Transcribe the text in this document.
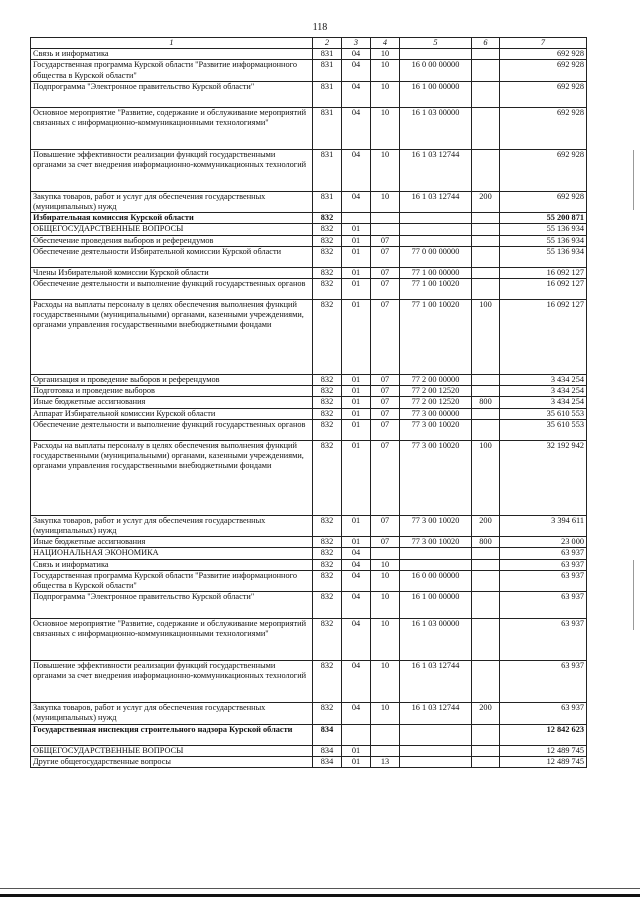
118
1	2	3	4	5	6	7
Связь и информатика	831	04	10			692 928
Государственная программа Курской области "Развитие информационного общества в Курской области"	831	04	10	16 0 00 00000		692 928
Подпрограмма "Электронное правительство Курской области"	831	04	10	16 1 00 00000		692 928
Основное мероприятие "Развитие, содержание и обслуживание мероприятий связанных с информационно-коммуникационными технологиями"	831	04	10	16 1 03 00000		692 928
Повышение эффективности реализации функций государственными органами за счет внедрения информационно-коммуникационных технологий	831	04	10	16 1 03 12744		692 928
Закупка товаров, работ и услуг для обеспечения государственных (муниципальных) нужд	831	04	10	16 1 03 12744	200	692 928
Избирательная комиссия Курской области	832					55 200 871
ОБЩЕГОСУДАРСТВЕННЫЕ ВОПРОСЫ	832	01				55 136 934
Обеспечение проведения выборов и референдумов	832	01	07			55 136 934
Обеспечение деятельности Избирательной комиссии Курской области	832	01	07	77 0 00 00000		55 136 934
Члены Избирательной комиссии Курской области	832	01	07	77 1 00 00000		16 092 127
Обеспечение деятельности и выполнение функций государственных органов	832	01	07	77 1 00 10020		16 092 127
Расходы на выплаты персоналу в целях обеспечения выполнения функций государственными (муниципальными) органами, казенными учреждениями, органами управления государственными внебюджетными фондами	832	01	07	77 1 00 10020	100	16 092 127
Организация и проведение выборов и референдумов	832	01	07	77 2 00 00000		3 434 254
Подготовка и проведение выборов	832	01	07	77 2 00 12520		3 434 254
Иные бюджетные ассигнования	832	01	07	77 2 00 12520	800	3 434 254
Аппарат Избирательной комиссии Курской области	832	01	07	77 3 00 00000		35 610 553
Обеспечение деятельности и выполнение функций государственных органов	832	01	07	77 3 00 10020		35 610 553
Расходы на выплаты персоналу в целях обеспечения выполнения функций государственными (муниципальными) органами, казенными учреждениями, органами управления государственными внебюджетными фондами	832	01	07	77 3 00 10020	100	32 192 942
Закупка товаров, работ и услуг для обеспечения государственных (муниципальных) нужд	832	01	07	77 3 00 10020	200	3 394 611
Иные бюджетные ассигнования	832	01	07	77 3 00 10020	800	23 000
НАЦИОНАЛЬНАЯ ЭКОНОМИКА	832	04				63 937
Связь и информатика	832	04	10			63 937
Государственная программа Курской области "Развитие информационного общества в Курской области"	832	04	10	16 0 00 00000		63 937
Подпрограмма "Электронное правительство Курской области"	832	04	10	16 1 00 00000		63 937
Основное мероприятие "Развитие, содержание и обслуживание мероприятий связанных с информационно-коммуникационными технологиями"	832	04	10	16 1 03 00000		63 937
Повышение эффективности реализации функций государственными органами за счет внедрения информационно-коммуникационных технологий	832	04	10	16 1 03 12744		63 937
Закупка товаров, работ и услуг для обеспечения государственных (муниципальных) нужд	832	04	10	16 1 03 12744	200	63 937
Государственная инспекция строительного надзора Курской области	834					12 842 623
ОБЩЕГОСУДАРСТВЕННЫЕ ВОПРОСЫ	834	01				12 489 745
Другие общегосударственные вопросы	834	01	13			12 489 745
